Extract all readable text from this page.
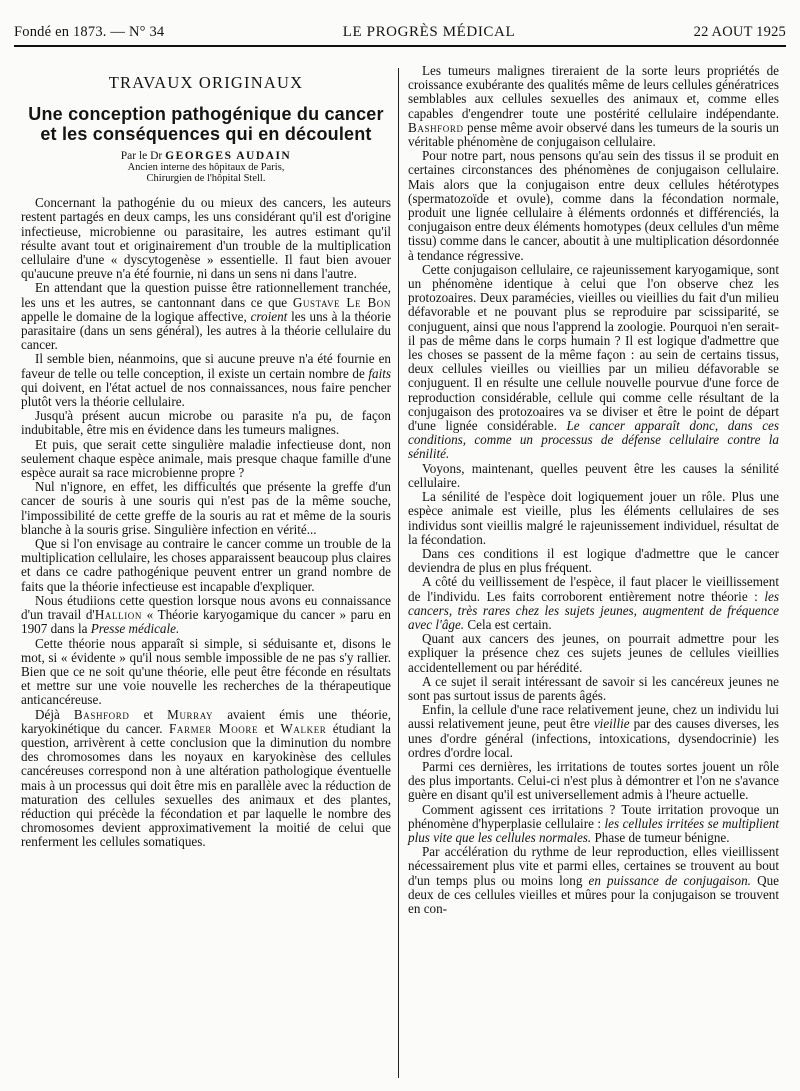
Fondé en 1873. — N° 34	LE PROGRÈS MÉDICAL	22 AOUT 1925
TRAVAUX ORIGINAUX
Une conception pathogénique du cancer
et les conséquences qui en découlent
Par le Dr GEORGES AUDAIN
Ancien interne des hôpitaux de Paris,
Chirurgien de l'hôpital Stell.

Concernant la pathogénie du ou mieux des cancers, les auteurs restent partagés en deux camps, les uns considérant qu'il est d'origine infectieuse, microbienne ou parasitaire, les autres estimant qu'il résulte avant tout et originairement d'un trouble de la multiplication cellulaire d'une « dyscytogenèse » essentielle. Il faut bien avouer qu'aucune preuve n'a été fournie, ni dans un sens ni dans l'autre.

En attendant que la question puisse être rationnellement tranchée, les uns et les autres, se cantonnant dans ce que Gustave Le Bon appelle le domaine de la logique affective, croient les uns à la théorie parasitaire (dans un sens général), les autres à la théorie cellulaire du cancer.

Il semble bien, néanmoins, que si aucune preuve n'a été fournie en faveur de telle ou telle conception, il existe un certain nombre de faits qui doivent, en l'état actuel de nos connaissances, nous faire pencher plutôt vers la théorie cellulaire.

Jusqu'à présent aucun microbe ou parasite n'a pu, de façon indubitable, être mis en évidence dans les tumeurs malignes.

Et puis, que serait cette singulière maladie infectieuse dont, non seulement chaque espèce animale, mais presque chaque famille d'une espèce aurait sa race microbienne propre ?

Nul n'ignore, en effet, les difficultés que présente la greffe d'un cancer de souris à une souris qui n'est pas de la même souche, l'impossibilité de cette greffe de la souris au rat et même de la souris blanche à la souris grise. Singulière infection en vérité...

Que si l'on envisage au contraire le cancer comme un trouble de la multiplication cellulaire, les choses apparaissent beaucoup plus claires et dans ce cadre pathogénique peuvent entrer un grand nombre de faits que la théorie infectieuse est incapable d'expliquer.

Nous étudiions cette question lorsque nous avons eu connaissance d'un travail d'Hallion « Théorie karyogamique du cancer » paru en 1907 dans la Presse médicale.

Cette théorie nous apparaît si simple, si séduisante et, disons le mot, si « évidente » qu'il nous semble impossible de ne pas s'y rallier. Bien que ce ne soit qu'une théorie, elle peut être féconde en résultats et mettre sur une voie nouvelle les recherches de la thérapeutique anticancéreuse.

Déjà Bashford et Murray avaient émis une théorie, karyokinétique du cancer. Farmer Moore et Walker étudiant la question, arrivèrent à cette conclusion que la diminution du nombre des chromosomes dans les noyaux en karyokinèse des cellules cancéreuses correspond non à une altération pathologique éventuelle mais à un processus qui doit être mis en parallèle avec la réduction de maturation des cellules sexuelles des animaux et des plantes, réduction qui précède la fécondation et par laquelle le nombre des chromosomes devient approximativement la moitié de celui que renferment les cellules somatiques.

Les tumeurs malignes tireraient de la sorte leurs propriétés de croissance exubérante des qualités même de leurs cellules génératrices semblables aux cellules sexuelles des animaux et, comme elles capables d'engendrer toute une postérité cellulaire indépendante. Bashford pense même avoir observé dans les tumeurs de la souris un véritable phénomène de conjugaison cellulaire.

Pour notre part, nous pensons qu'au sein des tissus il se produit en certaines circonstances des phénomènes de conjugaison cellulaire. Mais alors que la conjugaison entre deux cellules hétérotypes (spermatozoïde et ovule), comme dans la fécondation normale, produit une lignée cellulaire à éléments ordonnés et différenciés, la conjugaison entre deux éléments homotypes (deux cellules d'un même tissu) comme dans le cancer, aboutit à une multiplication désordonnée à tendance régressive.

Cette conjugaison cellulaire, ce rajeunissement karyogamique, sont un phénomène identique à celui que l'on observe chez les protozoaires. Deux paramécies, vieilles ou vieillies du fait d'un milieu défavorable et ne pouvant plus se reproduire par scissiparité, se conjuguent, ainsi que nous l'apprend la zoologie. Pourquoi n'en serait-il pas de même dans le corps humain ? Il est logique d'admettre que les choses se passent de la même façon : au sein de certains tissus, deux cellules vieilles ou vieillies par un milieu défavorable se conjuguent. Il en résulte une cellule nouvelle pourvue d'une force de reproduction considérable, cellule qui comme celle résultant de la conjugaison des protozoaires va se diviser et être le point de départ d'une lignée considérable. Le cancer apparaît donc, dans ces conditions, comme un processus de défense cellulaire contre la sénilité.

Voyons, maintenant, quelles peuvent être les causes la sénilité cellulaire.

La sénilité de l'espèce doit logiquement jouer un rôle. Plus une espèce animale est vieille, plus les éléments cellulaires de ses individus sont vieillis malgré le rajeunissement individuel, résultat de la fécondation.

Dans ces conditions il est logique d'admettre que le cancer deviendra de plus en plus fréquent.

A côté du veillissement de l'espèce, il faut placer le vieillissement de l'individu. Les faits corroborent entièrement notre théorie : les cancers, très rares chez les sujets jeunes, augmentent de fréquence avec l'âge. Cela est certain.

Quant aux cancers des jeunes, on pourrait admettre pour les expliquer la présence chez ces sujets jeunes de cellules vieillies accidentellement ou par hérédité.

A ce sujet il serait intéressant de savoir si les cancéreux jeunes ne sont pas surtout issus de parents âgés.

Enfin, la cellule d'une race relativement jeune, chez un individu lui aussi relativement jeune, peut être vieillie par des causes diverses, les unes d'ordre général (infections, intoxications, dysendocrinie) les ordres d'ordre local.

Parmi ces dernières, les irritations de toutes sortes jouent un rôle des plus importants. Celui-ci n'est plus à démontrer et l'on ne s'avance guère en disant qu'il est universellement admis à l'heure actuelle.

Comment agissent ces irritations ? Toute irritation provoque un phénomène d'hyperplasie cellulaire : les cellules irritées se multiplient plus vite que les cellules normales. Phase de tumeur bénigne.

Par accélération du rythme de leur reproduction, elles vieillissent nécessairement plus vite et parmi elles, certaines se trouvent au bout d'un temps plus ou moins long en puissance de conjugaison. Que deux de ces cellules vieilles et mûres pour la conjugaison se trouvent en con-
